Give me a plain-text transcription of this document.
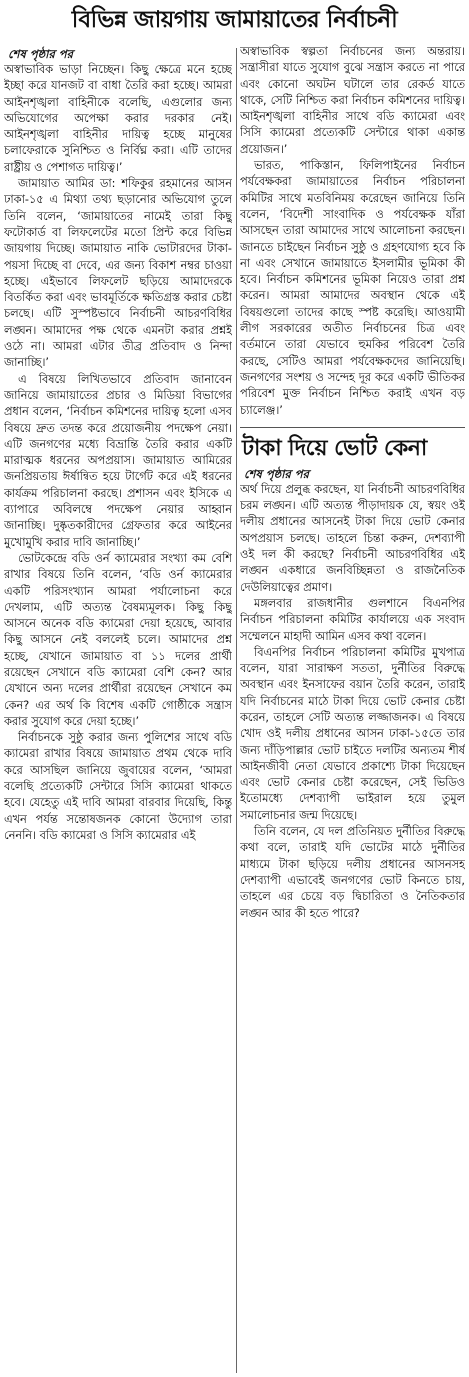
বিভিন্ন জায়গায় জামায়াতের নির্বাচনী
শেষ পৃষ্ঠার পর

অস্বাভাবিক ভাড়া নিচ্ছেন। কিছু ক্ষেত্রে মনে হচ্ছে ইচ্ছা করে যানজট বা বাধা তৈরি করা হচ্ছে। আমরা আইনশৃঙ্খলা বাহিনীকে বলেছি, এগুলোর জন্য অভিযোগের অপেক্ষা করার দরকার নেই। আইনশৃঙ্খলা বাহিনীর দায়িত্ব হচ্ছে মানুষের চলাফেরাকে সুনিশ্চিত ও নির্বিঘ্ন করা। এটি তাদের রাষ্ট্রীয় ও পেশাগত দায়িত্ব।’

জামায়াত আমির ডা: শফিকুর রহমানের আসন ঢাকা-১৫ এ মিথ্যা তথ্য ছড়ানোর অভিযোগ তুলে তিনি বলেন, ‘জামায়াতের নামেই তারা কিছু ফটোকার্ড বা লিফলেটের মতো প্রিন্ট করে বিভিন্ন জায়গায় দিচ্ছে। জামায়াত নাকি ভোটারদের টাকা-পয়সা দিচ্ছে বা দেবে, এর জন্য বিকাশ নম্বর চাওয়া হচ্ছে। এইভাবে লিফলেট ছড়িয়ে আমাদেরকে বিতর্কিত করা এবং ভাবমূর্তিকে ক্ষতিগ্রস্ত করার চেষ্টা চলছে। এটি সুস্পষ্টভাবে নির্বাচনী আচরণবিধির লঙ্ঘন। আমাদের পক্ষ থেকে এমনটা করার প্রশ্নই ওঠে না। আমরা এটার তীব্র প্রতিবাদ ও নিন্দা জানাচ্ছি।’

এ বিষয়ে লিখিতভাবে প্রতিবাদ জানাবেন জানিয়ে জামায়াতের প্রচার ও মিডিয়া বিভাগের প্রধান বলেন, ‘নির্বাচন কমিশনের দায়িত্ব হলো এসব বিষয়ে দ্রুত তদন্ত করে প্রয়োজনীয় পদক্ষেপ নেয়া। এটি জনগণের মধ্যে বিভ্রান্তি তৈরি করার একটি মারাত্মক ধরনের অপপ্রয়াস। জামায়াত আমিরের জনপ্রিয়তায় ঈর্ষান্বিত হয়ে টার্গেট করে এই ধরনের কার্যক্রম পরিচালনা করছে। প্রশাসন এবং ইসিকে এ ব্যাপারে অবিলম্বে পদক্ষেপ নেয়ার আহ্বান জানাচ্ছি। দুষ্কৃতকারীদের গ্রেফতার করে আইনের মুখোমুখি করার দাবি জানাচ্ছি।’

ভোটকেন্দ্রে বডি ওর্ন ক্যামেরার সংখ্যা কম বেশি রাখার বিষয়ে তিনি বলেন, ‘বডি ওর্ন ক্যামেরার একটি পরিসংখ্যান আমরা পর্যালোচনা করে দেখলাম, এটি অত্যন্ত বৈষম্যমূলক। কিছু কিছু আসনে অনেক বডি ক্যামেরা দেয়া হয়েছে, আবার কিছু আসনে নেই বললেই চলে। আমাদের প্রশ্ন হচ্ছে, যেখানে জামায়াত বা ১১ দলের প্রার্থী রয়েছেন সেখানে বডি ক্যামেরা বেশি কেন? আর যেখানে অন্য দলের প্রার্থীরা রয়েছেন সেখানে কম কেন? এর অর্থ কি বিশেষ একটি গোষ্ঠীকে সন্ত্রাস করার সুযোগ করে দেয়া হচ্ছে।’

নির্বাচনকে সুষ্ঠু করার জন্য পুলিশের সাথে বডি ক্যামেরা রাখার বিষয়ে জামায়াত প্রথম থেকে দাবি করে আসছিল জানিয়ে জুবায়ের বলেন, ‘আমরা বলেছি প্রত্যেকটি সেন্টারে সিসি ক্যামেরা থাকতে হবে। যেহেতু এই দাবি আমরা বারবার দিয়েছি, কিন্তু এখন পর্যন্ত সন্তোষজনক কোনো উদ্যোগ তারা নেননি। বডি ক্যামেরা ও সিসি ক্যামেরার এই

অস্বাভাবিক স্বল্পতা নির্বাচনের জন্য অন্তরায়। সন্ত্রাসীরা যাতে সুযোগ বুঝে সন্ত্রাস করতে না পারে এবং কোনো অঘটন ঘটালে তার রেকর্ড যাতে থাকে, সেটি নিশ্চিত করা নির্বাচন কমিশনের দায়িত্ব। আইনশৃঙ্খলা বাহিনীর সাথে বডি ক্যামেরা এবং সিসি ক্যামেরা প্রত্যেকটি সেন্টারে থাকা একান্ত প্রয়োজন।’

ভারত, পাকিস্তান, ফিলিপাইনের নির্বাচন পর্যবেক্ষকরা জামায়াতের নির্বাচন পরিচালনা কমিটির সাথে মতবিনিময় করেছেন জানিয়ে তিনি বলেন, ‘বিদেশী সাংবাদিক ও পর্যবেক্ষক যাঁরা আসছেন তারা আমাদের সাথে আলোচনা করছেন। জানতে চাইছেন নির্বাচন সুষ্ঠু ও গ্রহণযোগ্য হবে কি না এবং সেখানে জামায়াতে ইসলামীর ভূমিকা কী হবে। নির্বাচন কমিশনের ভূমিকা নিয়েও তারা প্রশ্ন করেন। আমরা আমাদের অবস্থান থেকে এই বিষয়গুলো তাদের কাছে স্পষ্ট করেছি। আওয়ামী লীগ সরকারের অতীত নির্বাচনের চিত্র এবং বর্তমানে তারা যেভাবে হুমকির পরিবেশ তৈরি করছে, সেটিও আমরা পর্যবেক্ষকদের জানিয়েছি। জনগণের সংশয় ও সন্দেহ দূর করে একটি ভীতিকর পরিবেশ মুক্ত নির্বাচন নিশ্চিত করাই এখন বড় চ্যালেঞ্জ।’

টাকা দিয়ে ভোট কেনা
শেষ পৃষ্ঠার পর

অর্থ দিয়ে প্রলুব্ধ করছেন, যা নির্বাচনী আচরণবিধির চরম লঙ্ঘন। এটি অত্যন্ত পীড়াদায়ক যে, স্বয়ং ওই দলীয় প্রধানের আসনেই টাকা দিয়ে ভোট কেনার অপপ্রয়াস চলছে। তাহলে চিন্তা করুন, দেশব্যাপী ওই দল কী করছে? নির্বাচনী আচরণবিধির এই লঙ্ঘন একধারে জনবিচ্ছিন্নতা ও রাজনৈতিক দেউলিয়াত্বের প্রমাণ।

মঙ্গলবার রাজধানীর গুলশানে বিএনপির নির্বাচন পরিচালনা কমিটির কার্যালয়ে এক সংবাদ সম্মেলনে মাহাদী আমিন এসব কথা বলেন।

বিএনপির নির্বাচন পরিচালনা কমিটির মুখপাত্র বলেন, যারা সারাক্ষণ সততা, দুর্নীতির বিরুদ্ধে অবস্থান এবং ইনসাফের বয়ান তৈরি করেন, তারাই যদি নির্বাচনের মাঠে টাকা দিয়ে ভোট কেনার চেষ্টা করেন, তাহলে সেটি অত্যন্ত লজ্জাজনক। এ বিষয়ে খোদ ওই দলীয় প্রধানের আসন ঢাকা-১৫তে তার জন্য দাঁড়িপাল্লার ভোট চাইতে দলটির অন্যতম শীর্ষ আইনজীবী নেতা যেভাবে প্রকাশ্যে টাকা দিয়েছেন এবং ভোট কেনার চেষ্টা করেছেন, সেই ভিডিও ইতোমধ্যে দেশব্যাপী ভাইরাল হয়ে তুমুল সমালোচনার জন্ম দিয়েছে।

তিনি বলেন, যে দল প্রতিনিয়ত দুর্নীতির বিরুদ্ধে কথা বলে, তারাই যদি ভোটের মাঠে দুর্নীতির মাধ্যমে টাকা ছড়িয়ে দলীয় প্রধানের আসনসহ দেশব্যাপী এভাবেই জনগণের ভোট কিনতে চায়, তাহলে এর চেয়ে বড় দ্বিচারিতা ও নৈতিকতার লঙ্ঘন আর কী হতে পারে?
